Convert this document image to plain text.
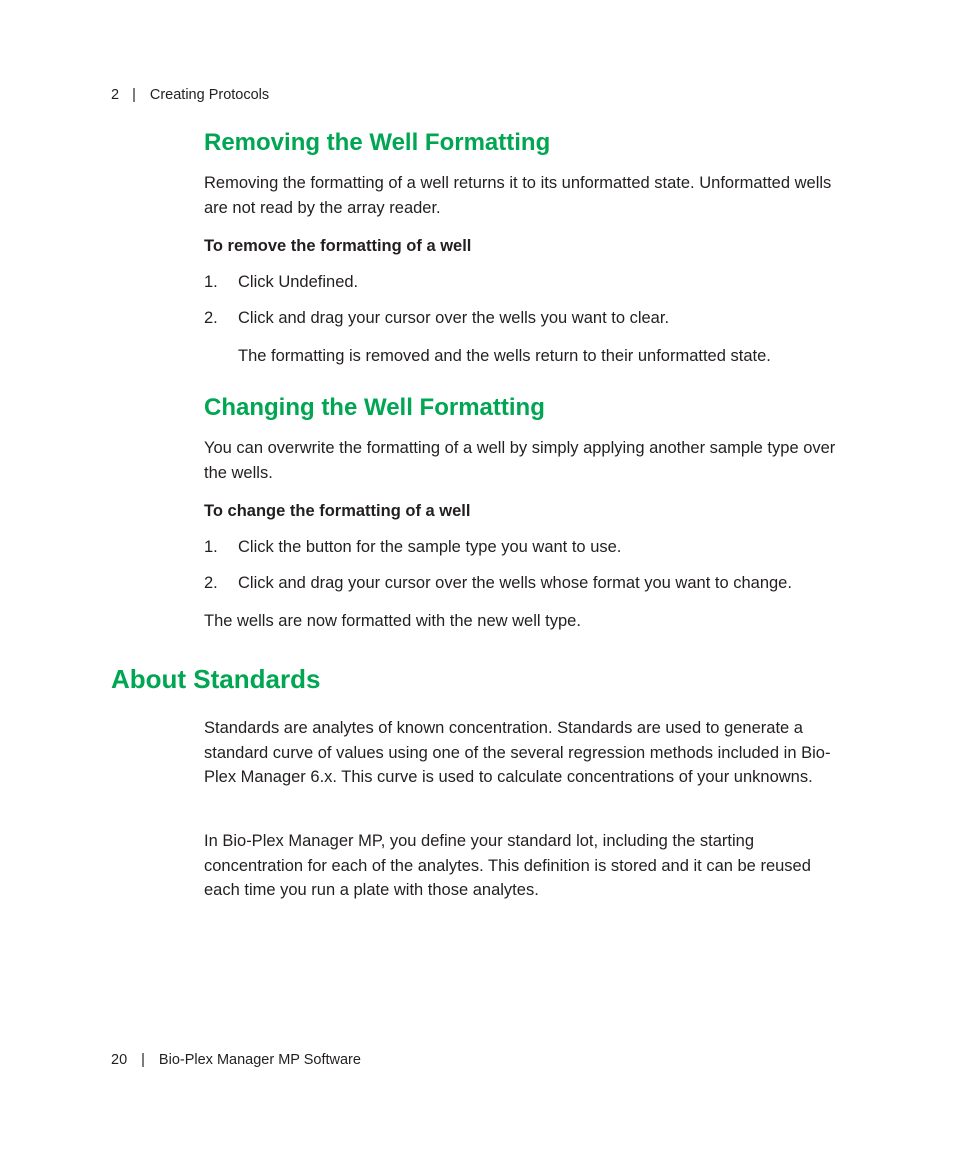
2 | Creating Protocols
Removing the Well Formatting
Removing the formatting of a well returns it to its unformatted state. Unformatted wells are not read by the array reader.
To remove the formatting of a well
1. Click Undefined.
2. Click and drag your cursor over the wells you want to clear.
The formatting is removed and the wells return to their unformatted state.
Changing the Well Formatting
You can overwrite the formatting of a well by simply applying another sample type over the wells.
To change the formatting of a well
1. Click the button for the sample type you want to use.
2. Click and drag your cursor over the wells whose format you want to change.
The wells are now formatted with the new well type.
About Standards
Standards are analytes of known concentration. Standards are used to generate a standard curve of values using one of the several regression methods included in Bio-Plex Manager 6.x. This curve is used to calculate concentrations of your unknowns.
In Bio-Plex Manager MP, you define your standard lot, including the starting concentration for each of the analytes. This definition is stored and it can be reused each time you run a plate with those analytes.
20 | Bio-Plex Manager MP Software
